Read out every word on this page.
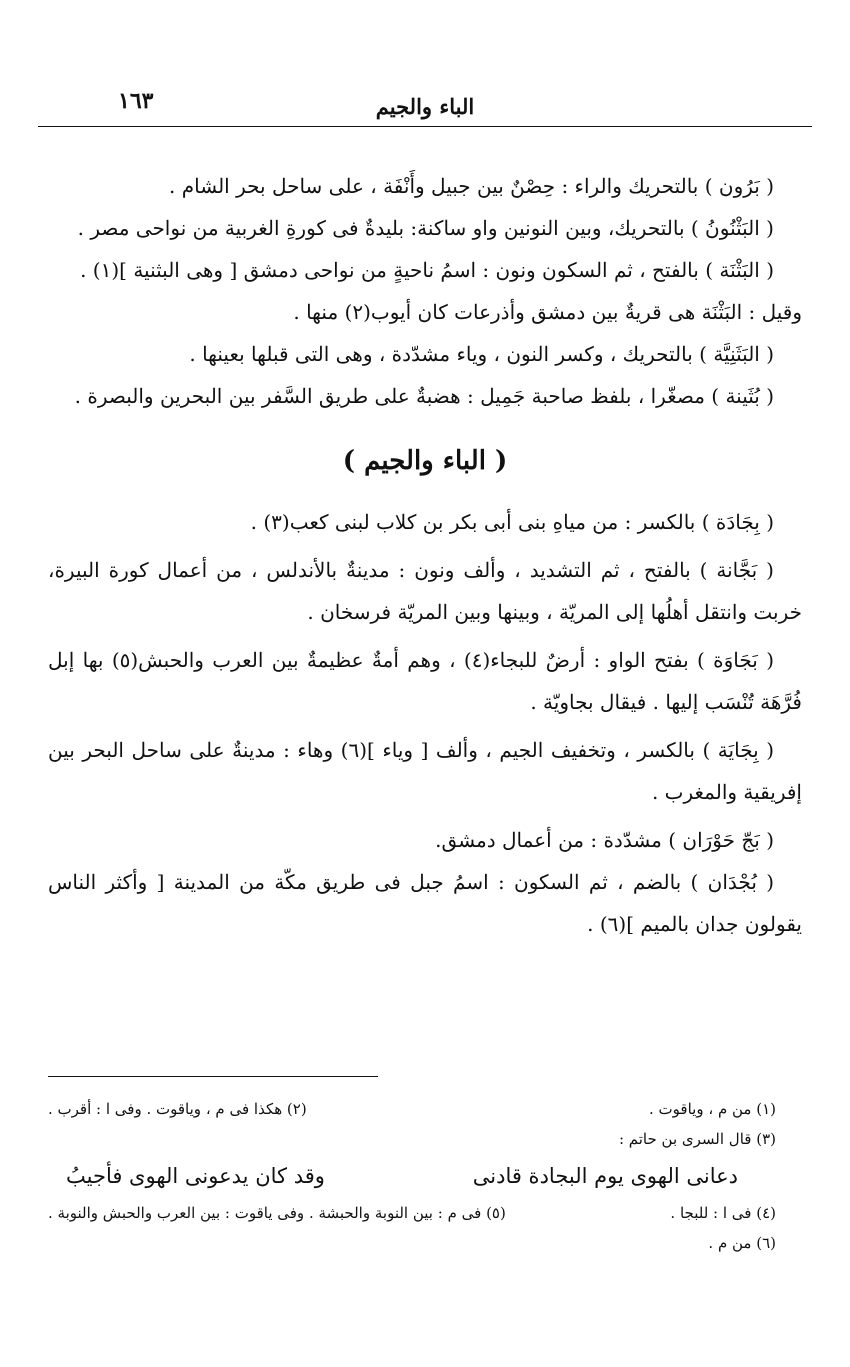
الباء والجيم
١٦٣

( بَرُون ) بالتحريك والراء : حِصْنٌ بين جبيل وأَنْفَة ، على ساحل بحر الشام .

( البَثْنُونُ ) بالتحريك، وبين النونين واو ساكنة: بليدةٌ فى كورةِ الغربية من نواحى مصر .

( البَثْنَة ) بالفتح ، ثم السكون ونون : اسمُ ناحيةٍ من نواحى دمشق [ وهى البثنية ](١) .

وقيل : البَثْنَة هى قريةٌ بين دمشق وأذرعات كان أيوب(٢) منها .

( البَثَنِيَّة ) بالتحريك ، وكسر النون ، وياء مشدّدة ، وهى التى قبلها بعينها .

( بُثَينة ) مصغّرا ، بلفظ صاحبة جَمِيل : هضبةٌ على طريق السَّفر بين البحرين والبصرة .

( الباء والجيم )

( بِجَادَة ) بالكسر : من مياهِ بنى أبى بكر بن كلاب لبنى كعب(٣) .

( بَجَّانة ) بالفتح ، ثم التشديد ، وألف ونون : مدينةٌ بالأندلس ، من أعمال كورة البيرة، خربت وانتقل أهلُها إلى المريّة ، وبينها وبين المريّة فرسخان .

( بَجَاوَة ) بفتح الواو : أرضٌ للبجاء(٤) ، وهم أمةٌ عظيمةٌ بين العرب والحبش(٥) بها إبل فُرَّهَة تُنْسَب إليها . فيقال بجاويّة .

( بِجَايَة ) بالكسر ، وتخفيف الجيم ، وألف [ وياء ](٦) وهاء : مدينةٌ على ساحل البحر بين إفريقية والمغرب .

( بَجّ حَوْرَان ) مشدّدة : من أعمال دمشق.

( بُجْدَان ) بالضم ، ثم السكون : اسمُ جبل فى طريق مكّة من المدينة [ وأكثر الناس يقولون جدان بالميم ](٦) .

(١) من م ، وياقوت .
(٢) هكذا فى م ، وياقوت . وفى ا : أقرب .

(٣) قال السرى بن حاتم :

دعانى الهوى يوم البجادة قادنى
وقد كان يدعونى الهوى فأجيبُ
(٤) فى ا : للبجا .
(٥) فى م : بين النوبة والحبشة . وفى ياقوت : بين العرب والحبش والنوبة .

(٦) من م .
